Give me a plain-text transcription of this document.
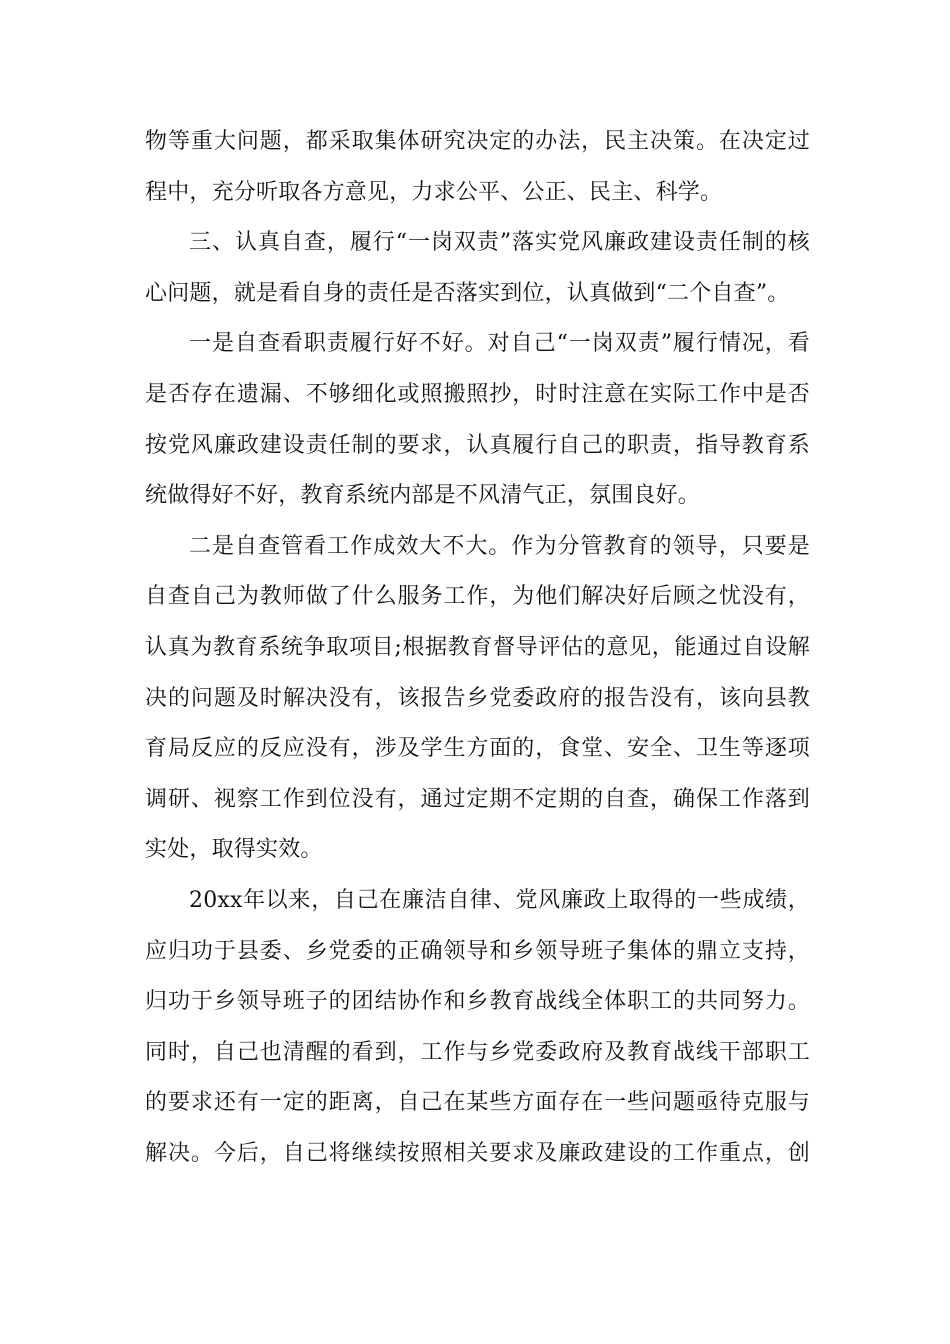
物等重大问题，都采取集体研究决定的办法，民主决策。在决定过程中，充分听取各方意见，力求公平、公正、民主、科学。

三、认真自查，履行“一岗双责”落实党风廉政建设责任制的核心问题，就是看自身的责任是否落实到位，认真做到“二个自查”。

一是自查看职责履行好不好。对自己“一岗双责”履行情况，看是否存在遗漏、不够细化或照搬照抄，时时注意在实际工作中是否按党风廉政建设责任制的要求，认真履行自己的职责，指导教育系统做得好不好，教育系统内部是不风清气正，氛围良好。

二是自查管看工作成效大不大。作为分管教育的领导，只要是自查自己为教师做了什么服务工作，为他们解决好后顾之忧没有，认真为教育系统争取项目;根据教育督导评估的意见，能通过自设解决的问题及时解决没有，该报告乡党委政府的报告没有，该向县教育局反应的反应没有，涉及学生方面的，食堂、安全、卫生等逐项调研、视察工作到位没有，通过定期不定期的自查，确保工作落到实处，取得实效。

20xx年以来，自己在廉洁自律、党风廉政上取得的一些成绩，应归功于县委、乡党委的正确领导和乡领导班子集体的鼎立支持，归功于乡领导班子的团结协作和乡教育战线全体职工的共同努力。同时，自己也清醒的看到，工作与乡党委政府及教育战线干部职工的要求还有一定的距离，自己在某些方面存在一些问题亟待克服与解决。今后，自己将继续按照相关要求及廉政建设的工作重点，创
